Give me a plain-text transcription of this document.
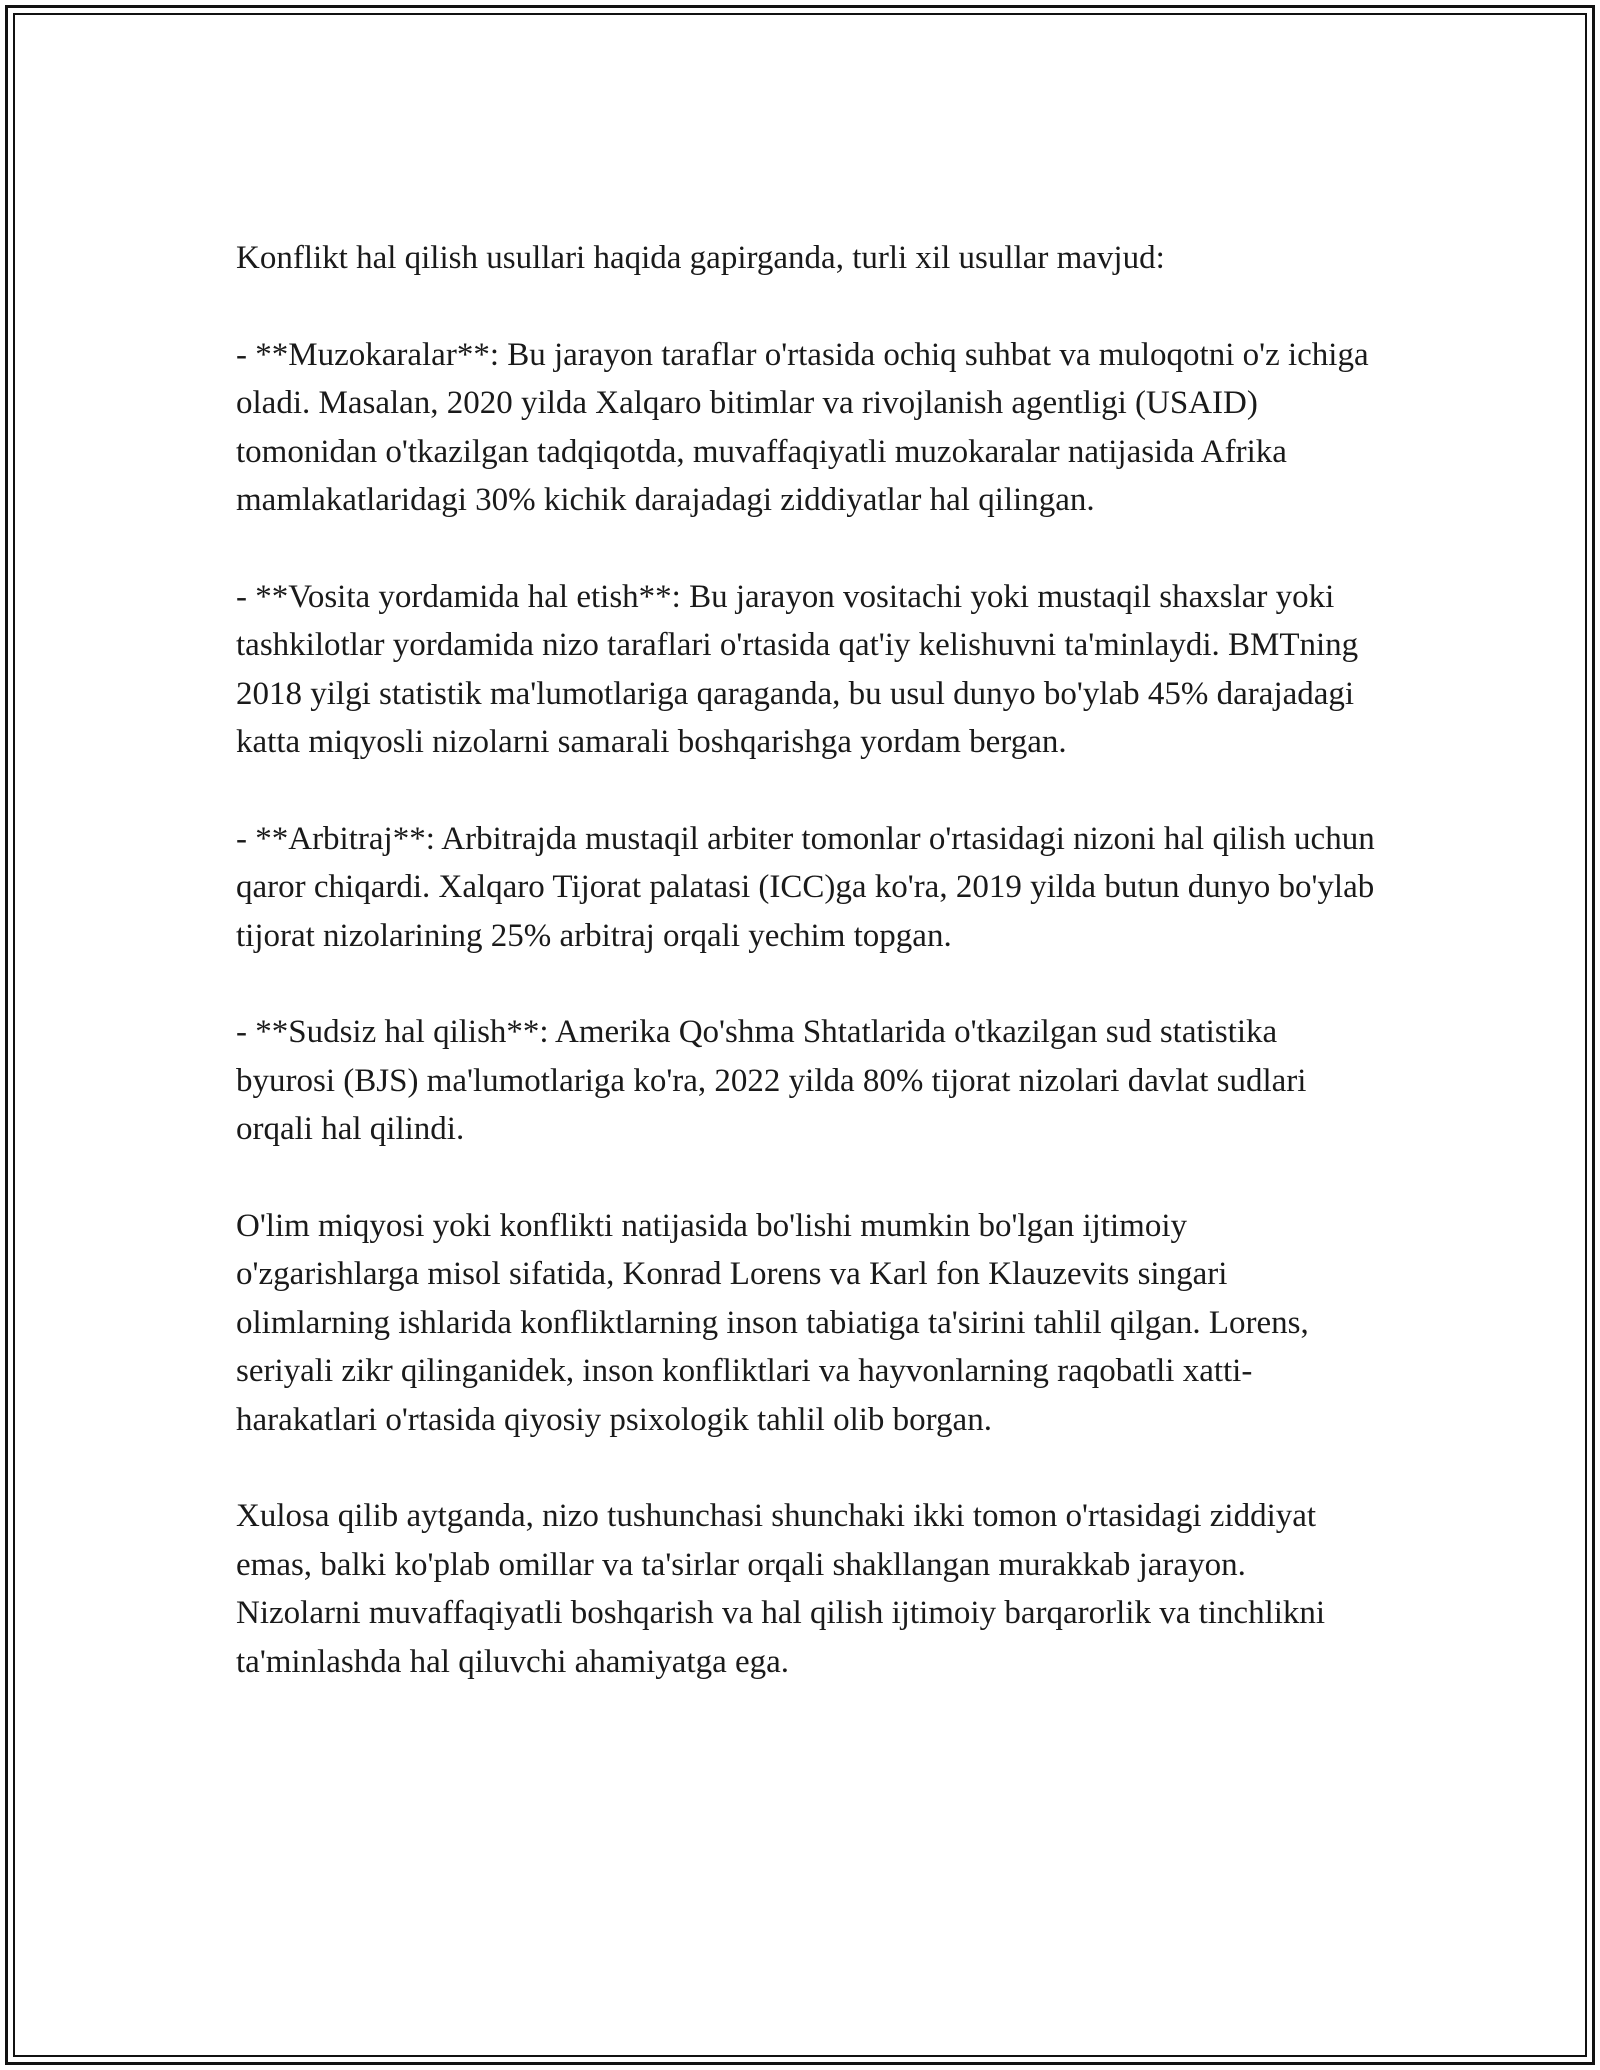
Konflikt hal qilish usullari haqida gapirganda, turli xil usullar mavjud:

- **Muzokaralar**: Bu jarayon taraflar o'rtasida ochiq suhbat va muloqotni o'z ichiga oladi. Masalan, 2020 yilda Xalqaro bitimlar va rivojlanish agentligi (USAID) tomonidan o'tkazilgan tadqiqotda, muvaffaqiyatli muzokaralar natijasida Afrika mamlakatlaridagi 30% kichik darajadagi ziddiyatlar hal qilingan.

- **Vosita yordamida hal etish**: Bu jarayon vositachi yoki mustaqil shaxslar yoki tashkilotlar yordamida nizo taraflari o'rtasida qat'iy kelishuvni ta'minlaydi. BMTning 2018 yilgi statistik ma'lumotlariga qaraganda, bu usul dunyo bo'ylab 45% darajadagi katta miqyosli nizolarni samarali boshqarishga yordam bergan.

- **Arbitraj**: Arbitrajda mustaqil arbiter tomonlar o'rtasidagi nizoni hal qilish uchun qaror chiqardi. Xalqaro Tijorat palatasi (ICC)ga ko'ra, 2019 yilda butun dunyo bo'ylab tijorat nizolarining 25% arbitraj orqali yechim topgan.

- **Sudsiz hal qilish**: Amerika Qo'shma Shtatlarida o'tkazilgan sud statistika byurosi (BJS) ma'lumotlariga ko'ra, 2022 yilda 80% tijorat nizolari davlat sudlari orqali hal qilindi.

O'lim miqyosi yoki konflikti natijasida bo'lishi mumkin bo'lgan ijtimoiy o'zgarishlarga misol sifatida, Konrad Lorens va Karl fon Klauzevits singari olimlarning ishlarida konfliktlarning inson tabiatiga ta'sirini tahlil qilgan. Lorens, seriyali zikr qilinganidek, inson konfliktlari va hayvonlarning raqobatli xatti-harakatlari o'rtasida qiyosiy psixologik tahlil olib borgan.

Xulosa qilib aytganda, nizo tushunchasi shunchaki ikki tomon o'rtasidagi ziddiyat emas, balki ko'plab omillar va ta'sirlar orqali shakllangan murakkab jarayon. Nizolarni muvaffaqiyatli boshqarish va hal qilish ijtimoiy barqarorlik va tinchlikni ta'minlashda hal qiluvchi ahamiyatga ega.
